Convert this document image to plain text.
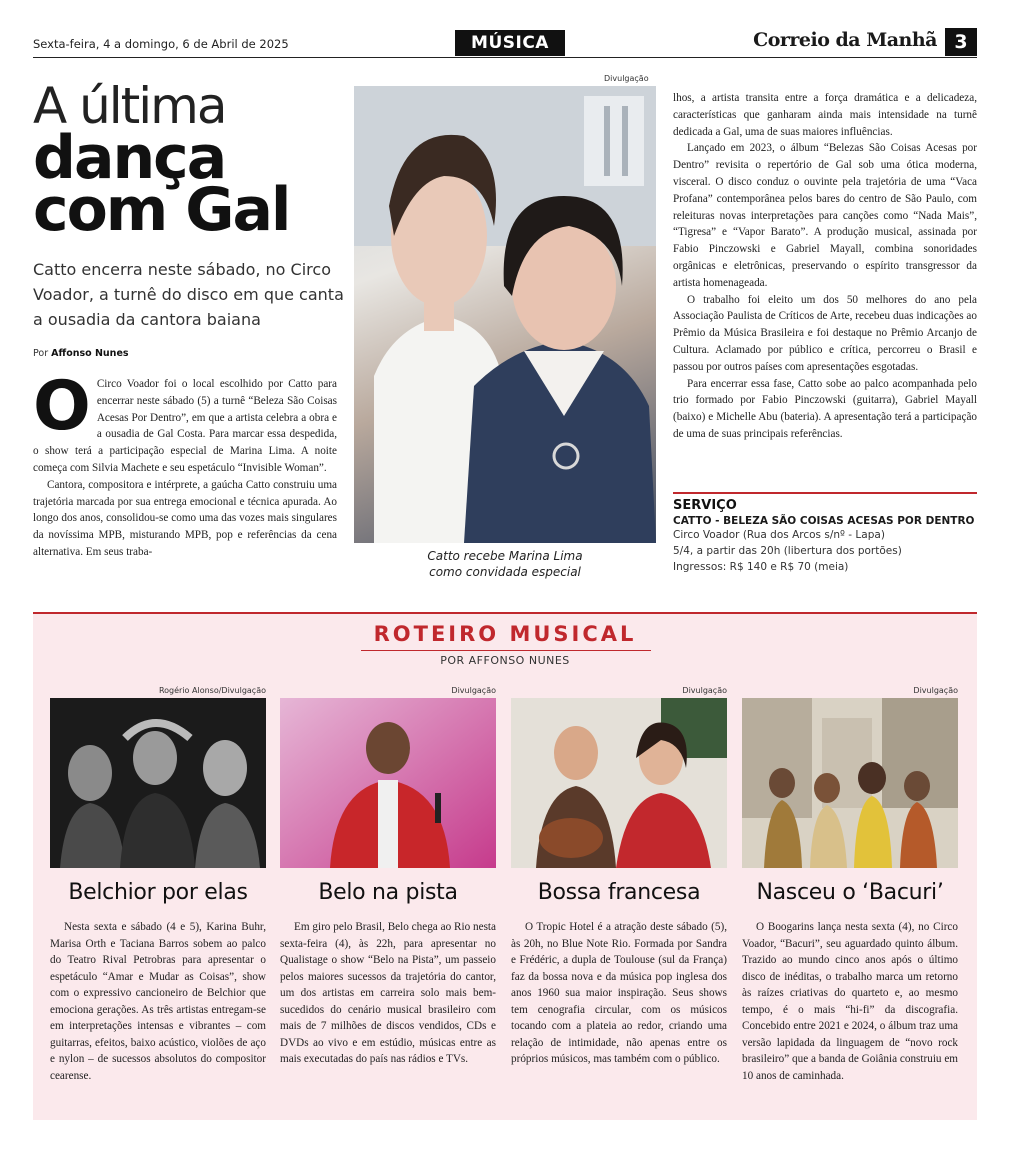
Sexta-feira, 4 a domingo, 6 de Abril de 2025	MÚSICA	Correio da Manhã 3
A última
dança
com Gal

Catto encerra neste sábado, no Circo Voador, a turnê do disco em que canta a ousadia da cantora baiana

Por Affonso Nunes

O Circo Voador foi o local escolhido por Catto para encerrar neste sábado (5) a turnê “Beleza São Coisas Acesas Por Dentro”, em que a artista celebra a obra e a ousadia de Gal Costa. Para marcar essa despedida, o show terá a participação especial de Marina Lima. A noite começa com Silvia Machete e seu espetáculo “Invisible Woman”.

Cantora, compositora e intérprete, a gaúcha Catto construiu uma trajetória marcada por sua entrega emocional e técnica apurada. Ao longo dos anos, consolidou-se como uma das vozes mais singulares da novíssima MPB, misturando MPB, pop e referências da cena alternativa. Em seus traba-

Divulgação
Catto recebe Marina Lima
como convidada especial

lhos, a artista transita entre a força dramática e a delicadeza, características que ganharam ainda mais intensidade na turnê dedicada a Gal, uma de suas maiores influências.

Lançado em 2023, o álbum “Belezas São Coisas Acesas por Dentro” revisita o repertório de Gal sob uma ótica moderna, visceral. O disco conduz o ouvinte pela trajetória de uma “Vaca Profana” contemporânea pelos bares do centro de São Paulo, com releituras novas interpretações para canções como “Nada Mais”, “Tigresa” e “Vapor Barato”. A produção musical, assinada por Fabio Pinczowski e Gabriel Mayall, combina sonoridades orgânicas e eletrônicas, preservando o espírito transgressor da artista homenageada.

O trabalho foi eleito um dos 50 melhores do ano pela Associação Paulista de Críticos de Arte, recebeu duas indicações ao Prêmio da Música Brasileira e foi destaque no Prêmio Arcanjo de Cultura. Aclamado por público e crítica, percorreu o Brasil e passou por outros países com apresentações esgotadas.

Para encerrar essa fase, Catto sobe ao palco acompanhada pelo trio formado por Fabio Pinczowski (guitarra), Gabriel Mayall (baixo) e Michelle Abu (bateria). A apresentação terá a participação de uma de suas principais referências.

SERVIÇO
CATTO - BELEZA SÃO COISAS ACESAS POR DENTRO
Circo Voador (Rua dos Arcos s/nº - Lapa)
5/4, a partir das 20h (libertura dos portões)
Ingressos: R$ 140 e R$ 70 (meia)
ROTEIRO MUSICAL
POR AFFONSO NUNES
Rogério Alonso/Divulgação
Belchior por elas

Nesta sexta e sábado (4 e 5), Karina Buhr, Marisa Orth e Taciana Barros sobem ao palco do Teatro Rival Petrobras para apresentar o espetáculo “Amar e Mudar as Coisas”, show com o expressivo cancioneiro de Belchior que emociona gerações. As três artistas entregam-se em interpretações intensas e vibrantes – com guitarras, efeitos, baixo acústico, violões de aço e nylon – de sucessos absolutos do compositor cearense.

Divulgação
Belo na pista

Em giro pelo Brasil, Belo chega ao Rio nesta sexta-feira (4), às 22h, para apresentar no Qualistage o show “Belo na Pista”, um passeio pelos maiores sucessos da trajetória do cantor, um dos artistas em carreira solo mais bem-sucedidos do cenário musical brasileiro com mais de 7 milhões de discos vendidos, CDs e DVDs ao vivo e em estúdio, músicas entre as mais executadas do país nas rádios e TVs.

Divulgação
Bossa francesa

O Tropic Hotel é a atração deste sábado (5), às 20h, no Blue Note Rio. Formada por Sandra e Frédéric, a dupla de Toulouse (sul da França) faz da bossa nova e da música pop inglesa dos anos 1960 sua maior inspiração. Seus shows tem cenografia circular, com os músicos tocando com a plateia ao redor, criando uma relação de intimidade, não apenas entre os próprios músicos, mas também com o público.

Divulgação
Nasceu o ‘Bacuri’

O Boogarins lança nesta sexta (4), no Circo Voador, “Bacuri”, seu aguardado quinto álbum. Trazido ao mundo cinco anos após o último disco de inéditas, o trabalho marca um retorno às raízes criativas do quarteto e, ao mesmo tempo, é o mais “hi-fi” da discografia. Concebido entre 2021 e 2024, o álbum traz uma versão lapidada da linguagem de “novo rock brasileiro” que a banda de Goiânia construiu em 10 anos de caminhada.
